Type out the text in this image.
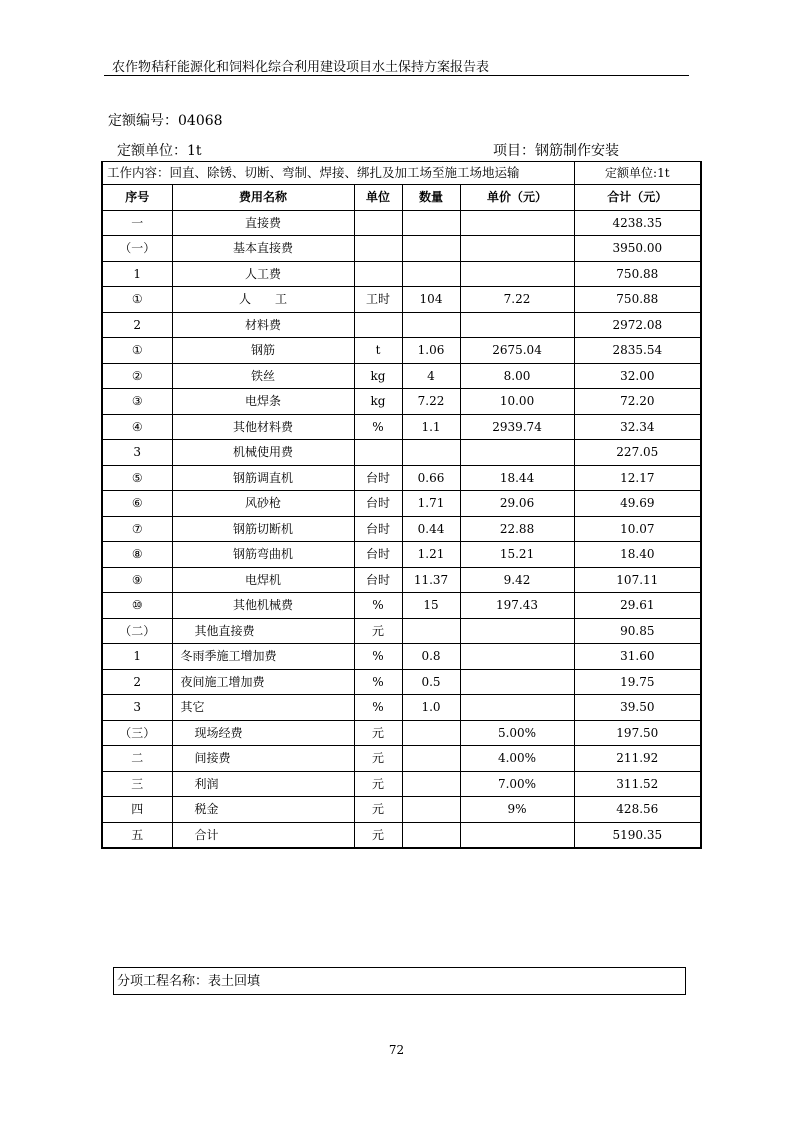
农作物秸秆能源化和饲料化综合利用建设项目水土保持方案报告表
定额编号：04068
定额单位：1t	项目：钢筋制作安装
工作内容：回直、除锈、切断、弯制、焊接、绑扎及加工场至施工场地运输					定额单位:1t
序号	费用名称	单位	数量	单价（元）	合计（元）
一	直接费				4238.35
（一）	基本直接费				3950.00
1	人工费				750.88
①	人　　工	工时	104	7.22	750.88
2	材料费				2972.08
①	钢筋	t	1.06	2675.04	2835.54
②	铁丝	kg	4	8.00	32.00
③	电焊条	kg	7.22	10.00	72.20
④	其他材料费	%	1.1	2939.74	32.34
3	机械使用费				227.05
⑤	钢筋调直机	台时	0.66	18.44	12.17
⑥	风砂枪	台时	1.71	29.06	49.69
⑦	钢筋切断机	台时	0.44	22.88	10.07
⑧	钢筋弯曲机	台时	1.21	15.21	18.40
⑨	电焊机	台时	11.37	9.42	107.11
⑩	其他机械费	%	15	197.43	29.61
（二）	其他直接费	元			90.85
1	冬雨季施工增加费	%	0.8		31.60
2	夜间施工增加费	%	0.5		19.75
3	其它	%	1.0		39.50
（三）	现场经费	元		5.00%	197.50
二	间接费	元		4.00%	211.92
三	利润	元		7.00%	311.52
四	税金	元		9%	428.56
五	合计	元			5190.35
分项工程名称：表土回填
72
